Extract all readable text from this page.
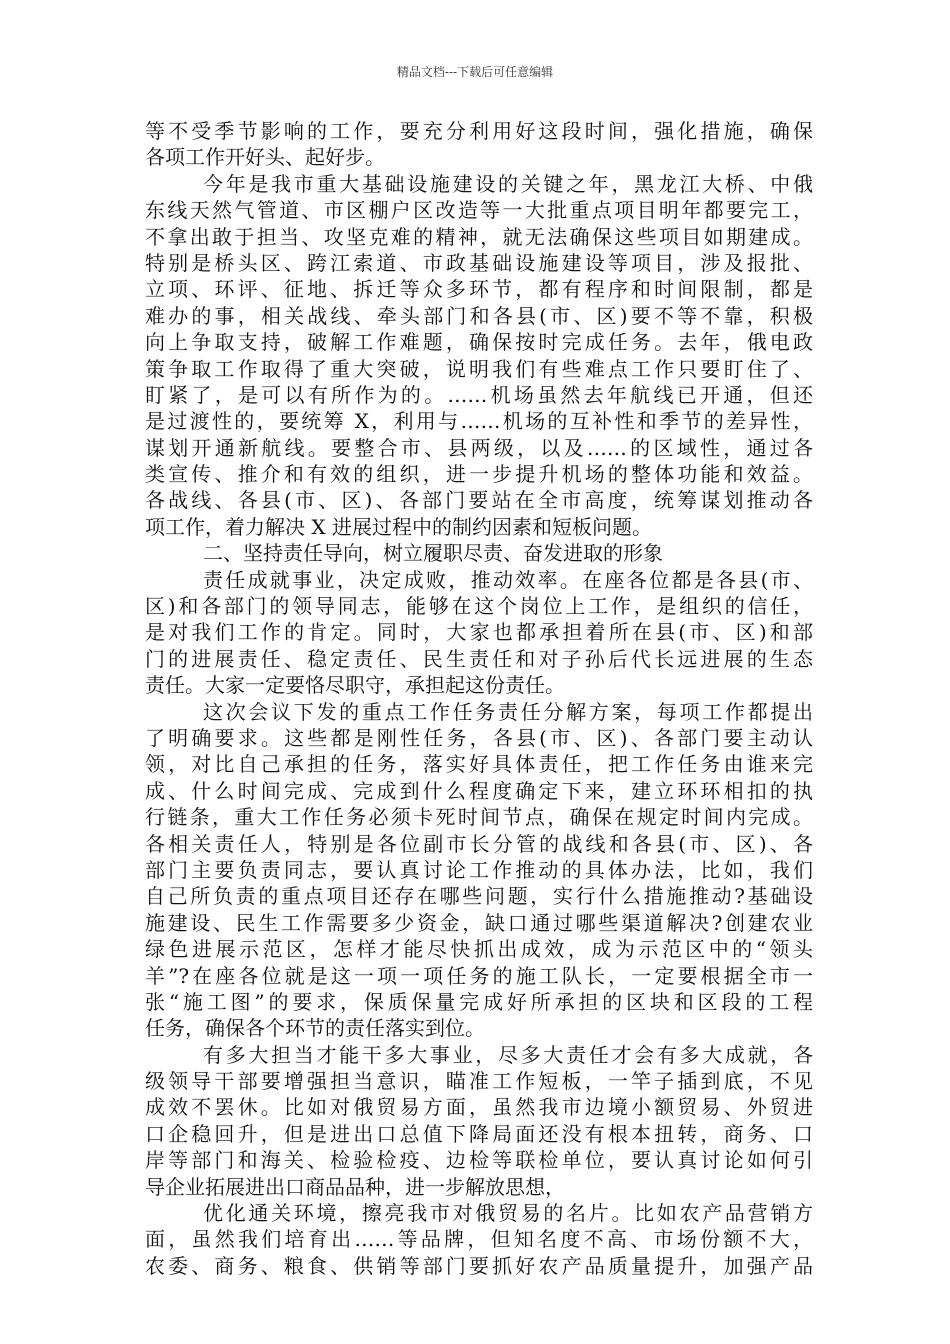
精品文档---下载后可任意编辑
等不受季节影响的工作，要充分利用好这段时间，强化措施，确保
各项工作开好头、起好步。
今年是我市重大基础设施建设的关键之年，黑龙江大桥、中俄
东线天然气管道、市区棚户区改造等一大批重点项目明年都要完工，
不拿出敢于担当、攻坚克难的精神，就无法确保这些项目如期建成。
特别是桥头区、跨江索道、市政基础设施建设等项目，涉及报批、
立项、环评、征地、拆迁等众多环节，都有程序和时间限制，都是
难办的事，相关战线、牵头部门和各县(市、区)要不等不靠，积极
向上争取支持，破解工作难题，确保按时完成任务。去年，俄电政
策争取工作取得了重大突破，说明我们有些难点工作只要盯住了、
盯紧了，是可以有所作为的。……机场虽然去年航线已开通，但还
是过渡性的，要统筹 X，利用与……机场的互补性和季节的差异性，
谋划开通新航线。要整合市、县两级，以及……的区域性，通过各
类宣传、推介和有效的组织，进一步提升机场的整体功能和效益。
各战线、各县(市、区)、各部门要站在全市高度，统筹谋划推动各
项工作，着力解决 X 进展过程中的制约因素和短板问题。
二、坚持责任导向，树立履职尽责、奋发进取的形象
责任成就事业，决定成败，推动效率。在座各位都是各县(市、
区)和各部门的领导同志，能够在这个岗位上工作，是组织的信任，
是对我们工作的肯定。同时，大家也都承担着所在县(市、区)和部
门的进展责任、稳定责任、民生责任和对子孙后代长远进展的生态
责任。大家一定要恪尽职守，承担起这份责任。
这次会议下发的重点工作任务责任分解方案，每项工作都提出
了明确要求。这些都是刚性任务，各县(市、区)、各部门要主动认
领，对比自己承担的任务，落实好具体责任，把工作任务由谁来完
成、什么时间完成、完成到什么程度确定下来，建立环环相扣的执
行链条，重大工作任务必须卡死时间节点，确保在规定时间内完成。
各相关责任人，特别是各位副市长分管的战线和各县(市、区)、各
部门主要负责同志，要认真讨论工作推动的具体办法，比如，我们
自己所负责的重点项目还存在哪些问题，实行什么措施推动?基础设
施建设、民生工作需要多少资金，缺口通过哪些渠道解决?创建农业
绿色进展示范区，怎样才能尽快抓出成效，成为示范区中的“领头
羊”?在座各位就是这一项一项任务的施工队长，一定要根据全市一
张“施工图”的要求，保质保量完成好所承担的区块和区段的工程
任务，确保各个环节的责任落实到位。
有多大担当才能干多大事业，尽多大责任才会有多大成就，各
级领导干部要增强担当意识，瞄准工作短板，一竿子插到底，不见
成效不罢休。比如对俄贸易方面，虽然我市边境小额贸易、外贸进
口企稳回升，但是进出口总值下降局面还没有根本扭转，商务、口
岸等部门和海关、检验检疫、边检等联检单位，要认真讨论如何引
导企业拓展进出口商品品种，进一步解放思想，
优化通关环境，擦亮我市对俄贸易的名片。比如农产品营销方
面，虽然我们培育出……等品牌，但知名度不高、市场份额不大，
农委、商务、粮食、供销等部门要抓好农产品质量提升，加强产品
